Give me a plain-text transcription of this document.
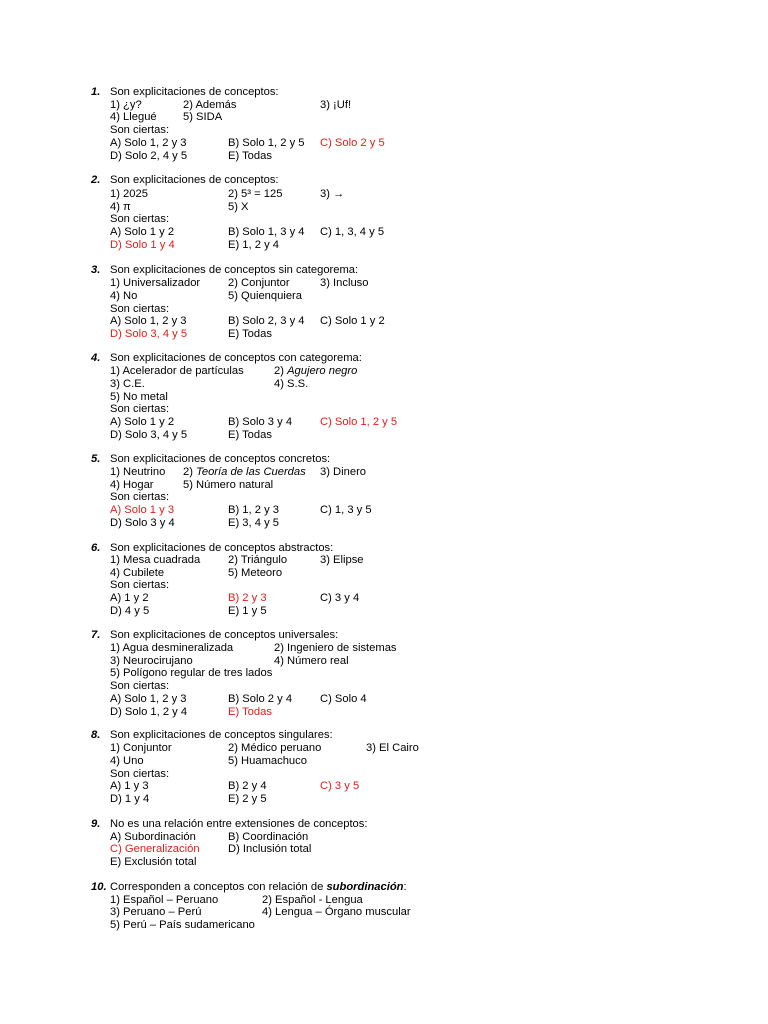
1. Son explicitaciones de conceptos:
1) ¿y?	2) Además	3) ¡Uf!
4) Llegué 5) SIDA
Son ciertas:
A) Solo 1, 2 y 3	B) Solo 1, 2 y 5 C) Solo 2 y 5
D) Solo 2, 4 y 5	E) Todas
2. Son explicitaciones de conceptos:
1) 2025	2) 5³ = 125	3) →
4) π	5) X
Son ciertas:
A) Solo 1 y 2	B) Solo 1, 3 y 4 C) 1, 3, 4 y 5
D) Solo 1 y 4	E) 1, 2 y 4
3. Son explicitaciones de conceptos sin categorema:
1) Universalizador 2) Conjuntor	3) Incluso
4) No	5) Quienquiera
Son ciertas:
A) Solo 1, 2 y 3	B) Solo 2, 3 y 4 C) Solo 1 y 2
D) Solo 3, 4 y 5	E) Todas
4. Son explicitaciones de conceptos con categorema:
1) Acelerador de partículas	2) Agujero negro
3) C.E.	4) S.S.
5) No metal
Son ciertas:
A) Solo 1 y 2	B) Solo 3 y 4 C) Solo 1, 2 y 5
D) Solo 3, 4 y 5	E) Todas
5. Son explicitaciones de conceptos concretos:
1) Neutrino 2) Teoría de las Cuerdas 3) Dinero
4) Hogar	5) Número natural
Son ciertas:
A) Solo 1 y 3	B) 1, 2 y 3	C) 1, 3 y 5
D) Solo 3 y 4	E) 3, 4 y 5
6. Son explicitaciones de conceptos abstractos:
1) Mesa cuadrada 2) Triángulo	3) Elipse
4) Cubilete	5) Meteoro
Son ciertas:
A) 1 y 2	B) 2 y 3	C) 3 y 4
D) 4 y 5	E) 1 y 5
7. Son explicitaciones de conceptos universales:
1) Agua desmineralizada	2) Ingeniero de sistemas
3) Neurocirujano	4) Número real
5) Polígono regular de tres lados
Son ciertas:
A) Solo 1, 2 y 3	B) Solo 2 y 4 C) Solo 4
D) Solo 1, 2 y 4	E) Todas
8. Son explicitaciones de conceptos singulares:
1) Conjuntor	2) Médico peruano	3) El Cairo
4) Uno	5) Huamachuco
Son ciertas:
A) 1 y 3	B) 2 y 4	C) 3 y 5
D) 1 y 4	E) 2 y 5
9. No es una relación entre extensiones de conceptos:
A) Subordinación	B) Coordinación
C) Generalización	D) Inclusión total
E) Exclusión total
10. Corresponden a conceptos con relación de subordinación:
1) Español – Peruano	2) Español - Lengua
3) Peruano – Perú	4) Lengua – Órgano muscular
5) Perú – País sudamericano
